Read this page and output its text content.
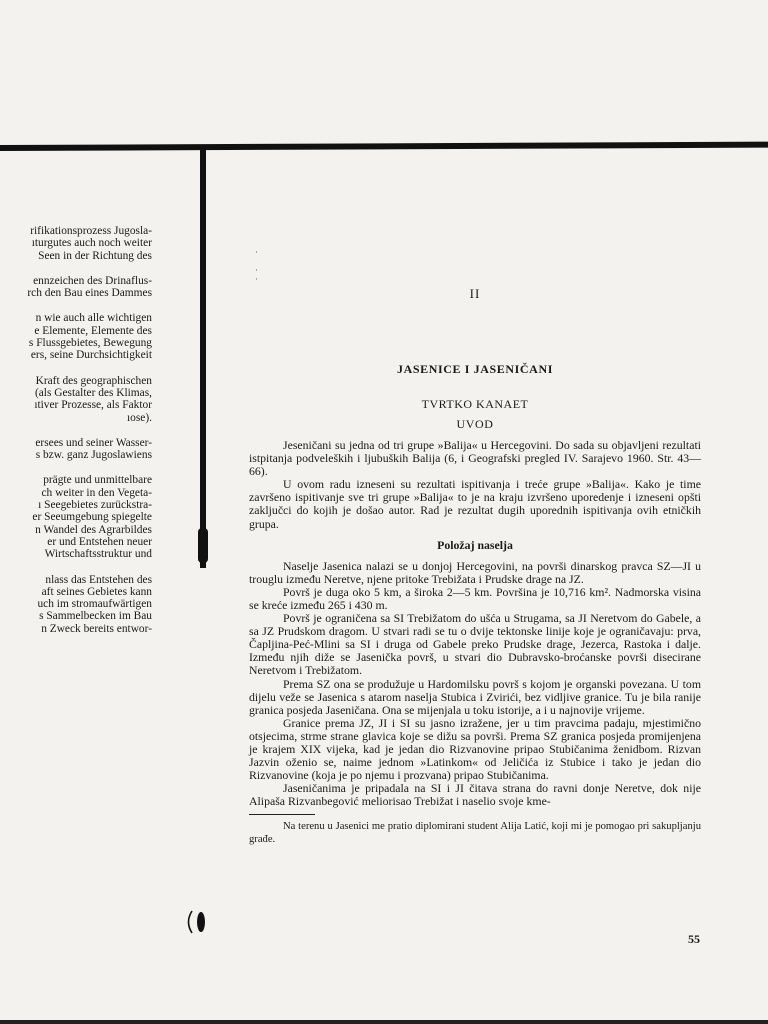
·

·
·
rifikationsprozess Jugosla-
ıturgutes auch noch weiter
Seen in der Richtung des
ennzeichen des Drinaflus-
rch den Bau eines Dammes
n wie auch alle wichtigen
e Elemente, Elemente des
s Flussgebietes, Bewegung
ers, seine Durchsichtigkeit
Kraft des geographischen
(als Gestalter des Klimas,
ıtiver Prozesse, als Faktor
ıose).
ersees und seiner Wasser-
s bzw. ganz Jugoslawiens
prägte und unmittelbare
ch weiter in den Vegeta-
ı Seegebietes zurückstra-
er Seeumgebung spiegelte
n Wandel des Agrarbildes
er und Entstehen neuer
Wirtschaftsstruktur und
nlass das Entstehen des
aft seines Gebietes kann
uch im stromaufwärtigen
s Sammelbecken im Bau
n Zweck bereits entwor-
II
JASENICE I JASENIČANI
TVRTKO KANAET
UVOD

Jeseničani su jedna od tri grupe »Balija« u Hercegovini. Do sada su objavljeni rezultati istpitanja podveleških i ljubuških Balija (6, i Geografski pregled IV. Sarajevo 1960. Str. 43—66).

U ovom radu izneseni su rezultati ispitivanja i treće grupe »Balija«. Kako je time završeno ispitivanje sve tri grupe »Balija« to je na kraju izvršeno uporedenje i izneseni opšti zaključci do kojih je došao autor. Rad je rezultat dugih uporednih ispitivanja ovih etničkih grupa.

Položaj naselja

Naselje Jasenica nalazi se u donjoj Hercegovini, na površi dinarskog pravca SZ—JI u trouglu između Neretve, njene pritoke Trebižata i Prudske drage na JZ.

Površ je duga oko 5 km, a široka 2—5 km. Površina je 10,716 km². Nadmorska visina se kreće između 265 i 430 m.

Površ je ograničena sa SI Trebižatom do ušća u Strugama, sa JI Neretvom do Gabele, a sa JZ Prudskom dragom. U stvari radi se tu o dvije tektonske linije koje je ograničavaju: prva, Čapljina-Peć-Mlini sa SI i druga od Gabele preko Prudske drage, Jezerca, Rastoka i dalje. Između njih diže se Jasenička površ, u stvari dio Dubravsko-broćanske površi disecirane Neretvom i Trebižatom.

Prema SZ ona se produžuje u Hardomilsku površ s kojom je organski povezana. U tom dijelu veže se Jasenica s atarom naselja Stubica i Zvirići, bez vidljive granice. Tu je bila ranije granica posjeda Jaseničana. Ona se mijenjala u toku istorije, a i u najnovije vrijeme.

Granice prema JZ, JI i SI su jasno izražene, jer u tim pravcima padaju, mjestimično otsjecima, strme strane glavica koje se dižu sa površi. Prema SZ granica posjeda promijenjena je krajem XIX vijeka, kad je jedan dio Rizvanovine pripao Stubičanima ženidbom. Rizvan Jazvin oženio se, naime jednom »Latinkom« od Jeličića iz Stubice i tako je jedan dio Rizvanovine (koja je po njemu i prozvana) pripao Stubičanima.

Jaseničanima je pripadala na SI i JI čitava strana do ravni donje Neretve, dok nije Alipaša Rizvanbegović meliorisao Trebižat i naselio svoje kme-

Na terenu u Jasenici me pratio diplomirani student Alija Latić, koji mi je pomogao pri sakupljanju građe.

55
